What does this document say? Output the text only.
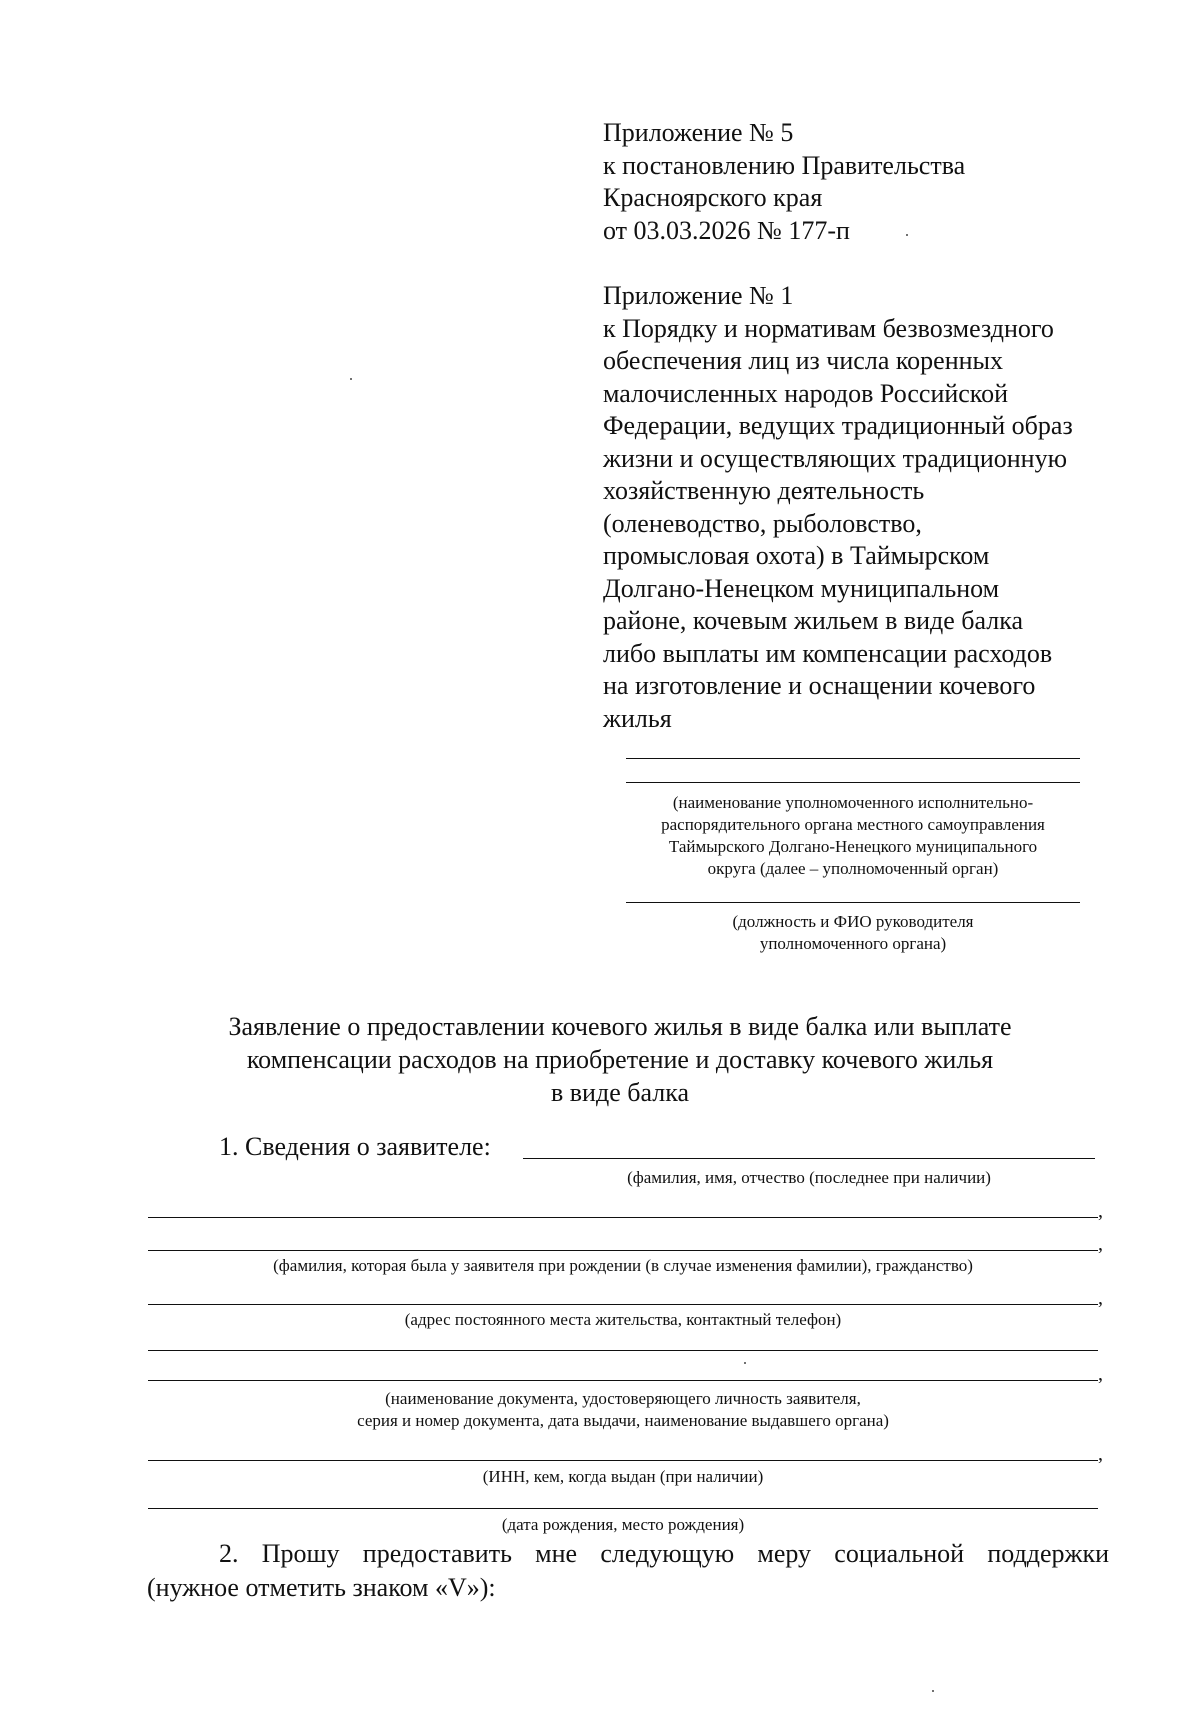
Приложение № 5
к постановлению Правительства
Красноярского края
от 03.03.2026 № 177-п
Приложение № 1
к Порядку и нормативам безвозмездного
обеспечения лиц из числа коренных
малочисленных народов Российской
Федерации, ведущих традиционный образ
жизни и осуществляющих традиционную
хозяйственную деятельность
(оленеводство, рыболовство,
промысловая охота) в Таймырском
Долгано-Ненецком муниципальном
районе, кочевым жильем в виде балка
либо выплаты им компенсации расходов
на изготовление и оснащении кочевого
жилья
(наименование уполномоченного исполнительно-
распорядительного органа местного самоуправления
Таймырского Долгано-Ненецкого муниципального
округа (далее – уполномоченный орган)
(должность и ФИО руководителя
уполномоченного органа)
Заявление о предоставлении кочевого жилья в виде балка или выплате
компенсации расходов на приобретение и доставку кочевого жилья
в виде балка
1. Сведения о заявителе:
(фамилия, имя, отчество (последнее при наличии)
,
,
(фамилия, которая была у заявителя при рождении (в случае изменения фамилии), гражданство)
,
(адрес постоянного места жительства, контактный телефон)
,
(наименование документа, удостоверяющего личность заявителя,
серия и номер документа, дата выдачи, наименование выдавшего органа)
,
(ИНН, кем, когда выдан (при наличии)
(дата рождения, место рождения)
2. Прошу предоставить мне следующую меру социальной поддержки
(нужное отметить знаком «V»):
